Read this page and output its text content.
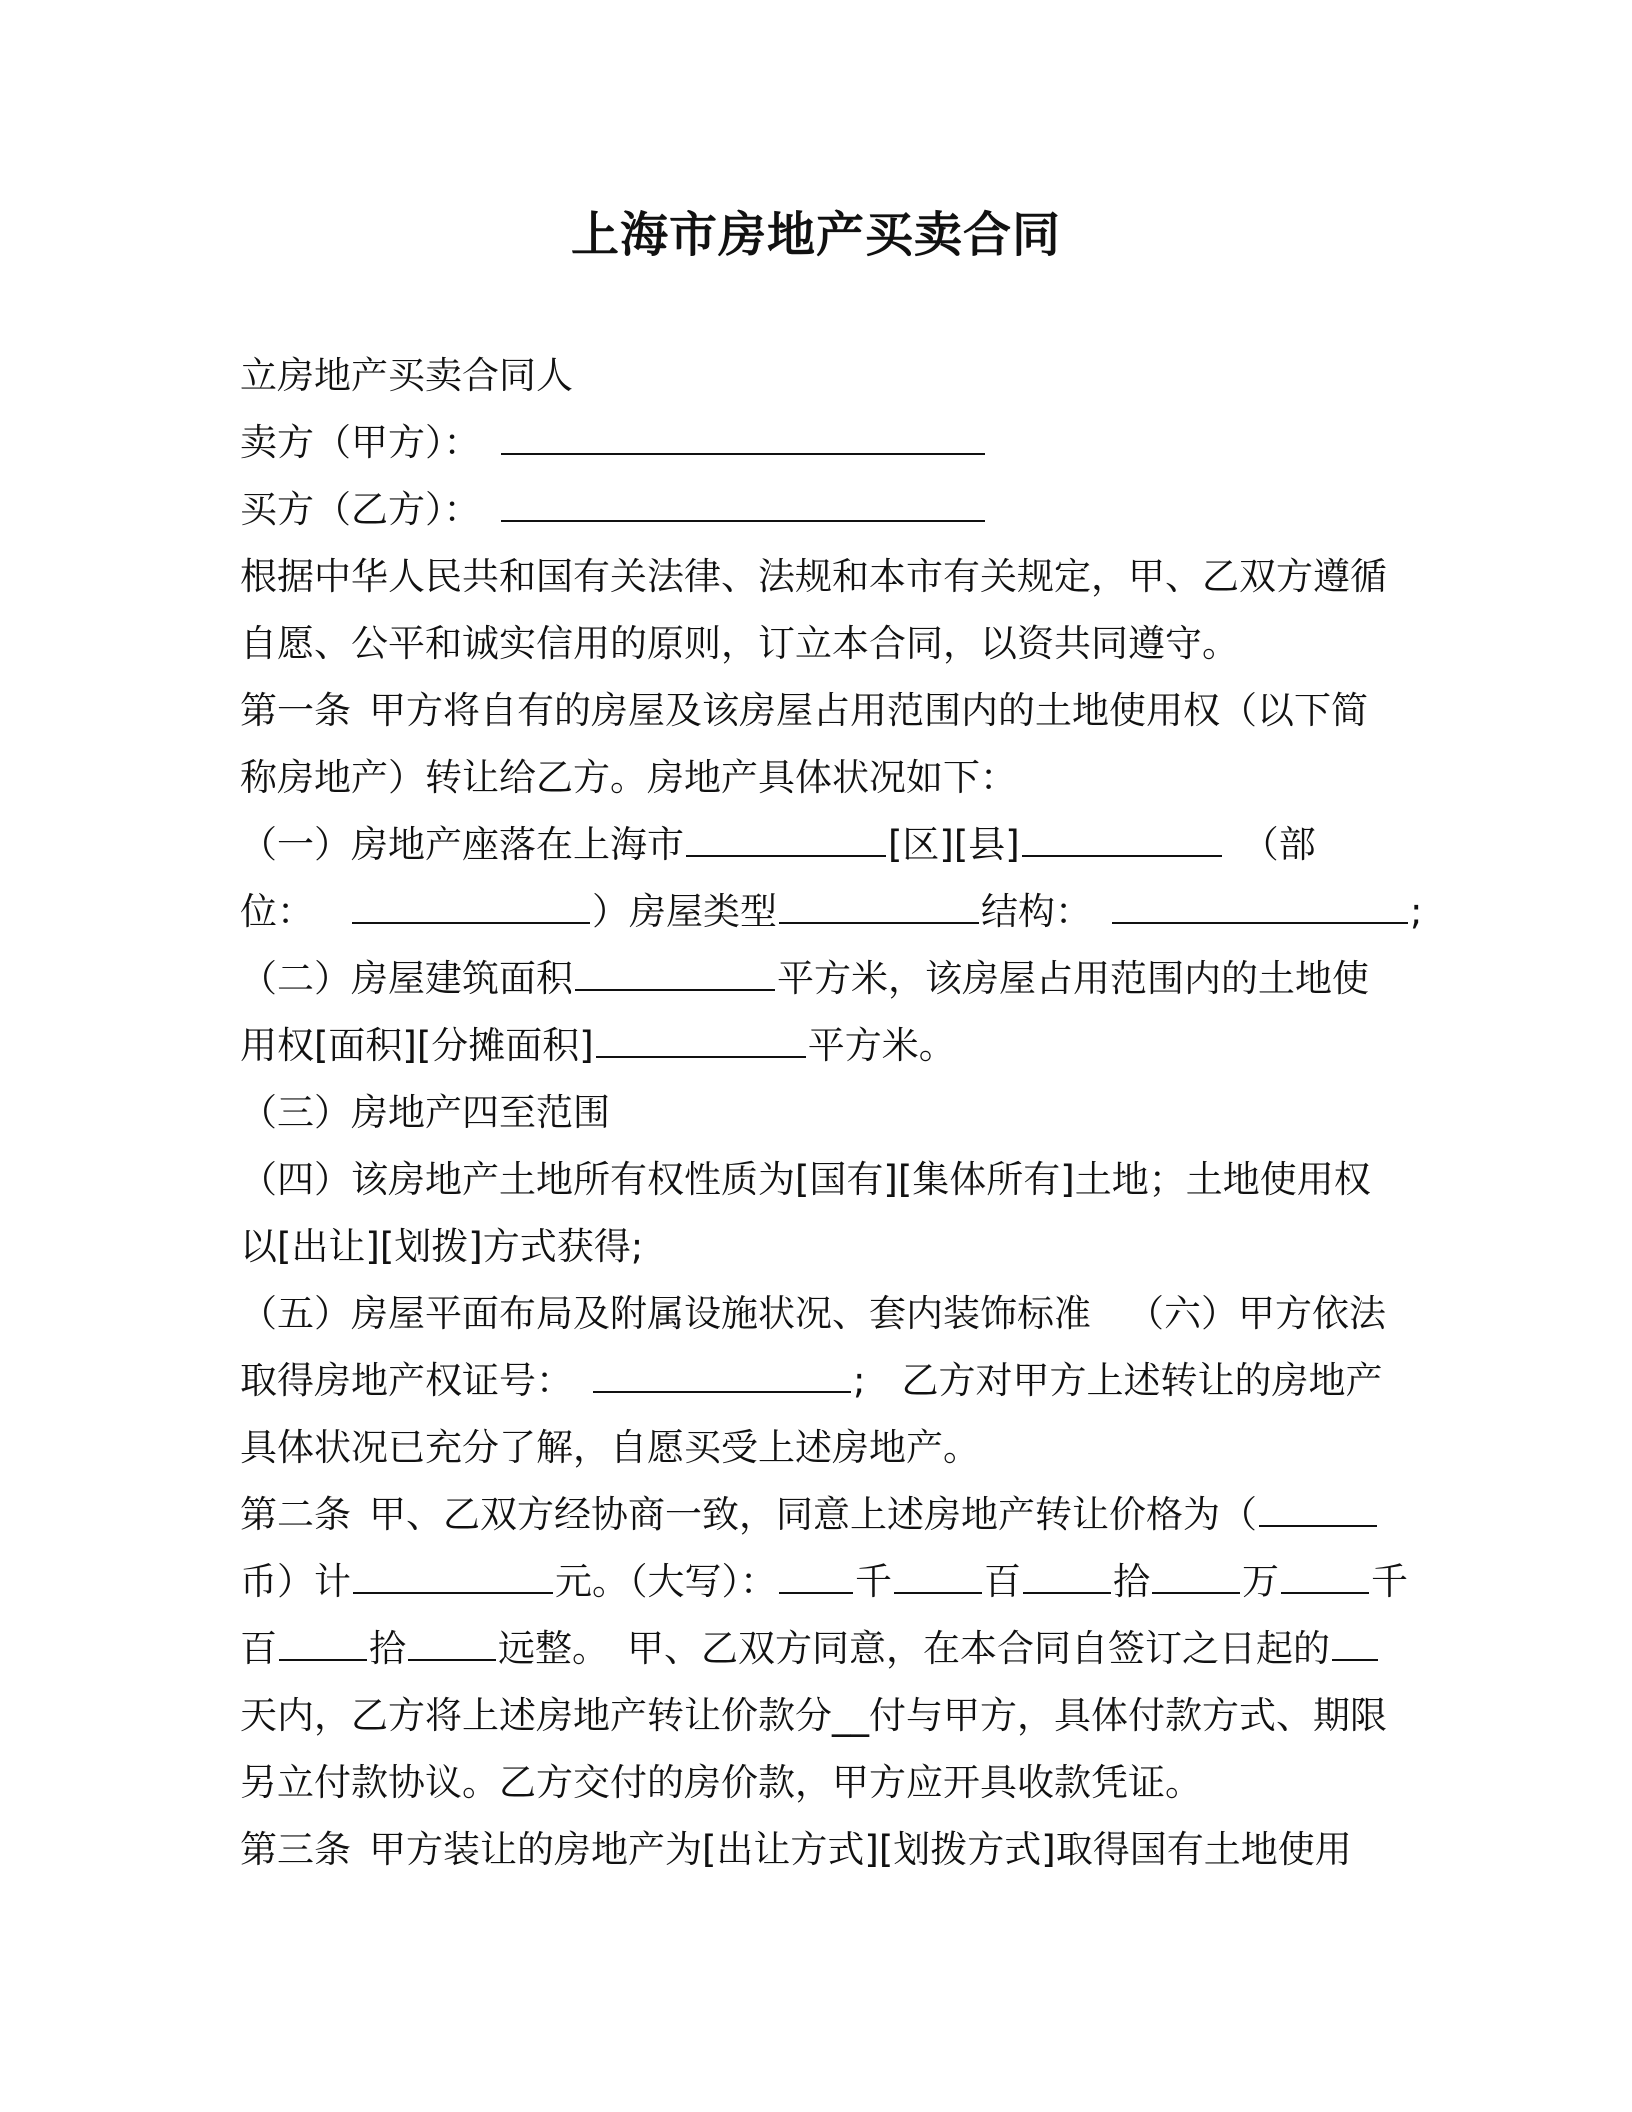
上海市房地产买卖合同
立房地产买卖合同人
卖方（甲方）：
买方（乙方）：
根据中华人民共和国有关法律、法规和本市有关规定，甲、乙双方遵循
自愿、公平和诚实信用的原则，订立本合同，以资共同遵守。
第一条 甲方将自有的房屋及该房屋占用范围内的土地使用权（以下简
称房地产）转让给乙方。房地产具体状况如下：
（一）房地产座落在上海市	[区][县]	（部
位：	）房屋类型	结构：	;
（二）房屋建筑面积	平方米，该房屋占用范围内的土地使
用权[面积][分摊面积]	平方米。
（三）房地产四至范围
（四）该房地产土地所有权性质为[国有][集体所有]土地；土地使用权
以[出让][划拨]方式获得;
（五）房屋平面布局及附属设施状况、套内装饰标准 （六）甲方依法
取得房地产权证号：	; 乙方对甲方上述转让的房地产
具体状况已充分了解，自愿买受上述房地产。
第二条 甲、乙双方经协商一致，同意上述房地产转让价格为（
币）计	元。（大写）： 千 百 拾 万 千
百 拾 远整。 甲、乙双方同意，在本合同自签订之日起的
天内，乙方将上述房地产转让价款分__付与甲方，具体付款方式、期限
另立付款协议。乙方交付的房价款，甲方应开具收款凭证。
第三条 甲方装让的房地产为[出让方式][划拨方式]取得国有土地使用
